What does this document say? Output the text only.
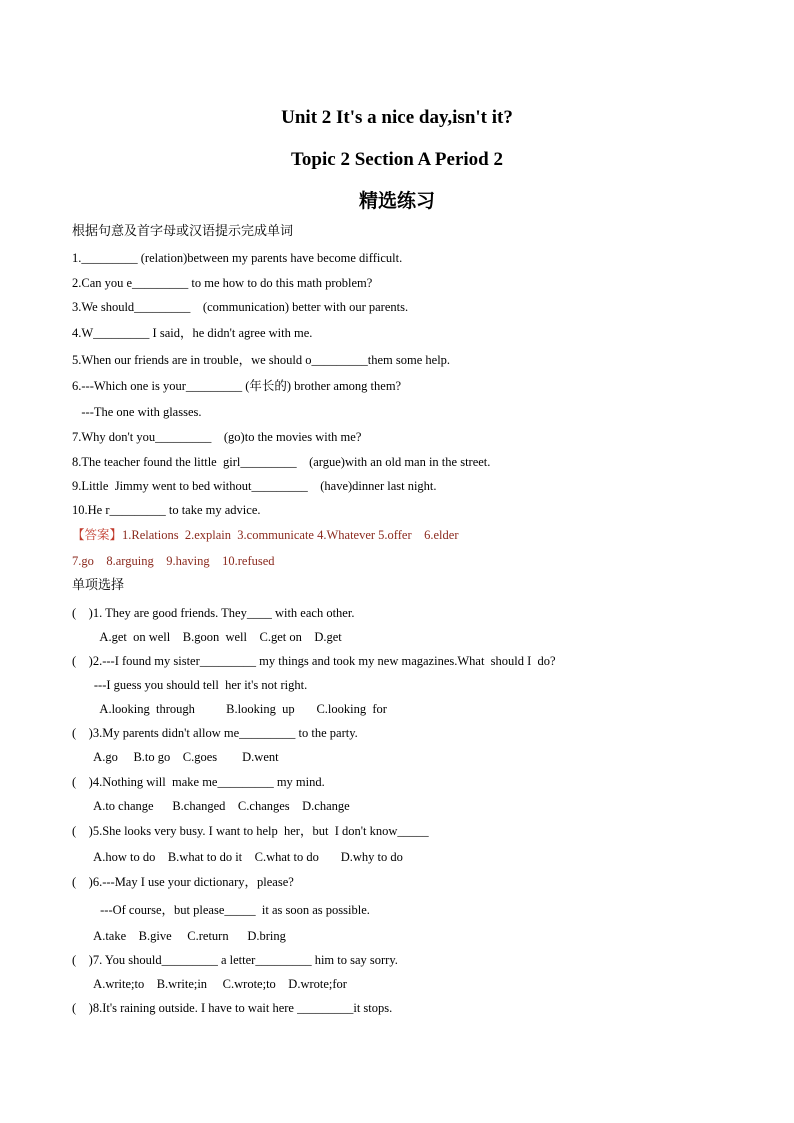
Unit 2 It's a nice day,isn't it?
Topic 2 Section A Period 2
精选练习
根据句意及首字母或汉语提示完成单词
1._________ (relation)between my parents have become difficult.
2.Can you e_________ to me how to do this math problem?
3.We should_________    (communication) better with our parents.
4.W_________ I said，he didn't agree with me.
5.When our friends are in trouble，we should o_________them some help.
6.---Which one is your_________ (年长的) brother among them?
---The one with glasses.
7.Why don't you_________    (go)to the movies with me?
8.The teacher found the little  girl_________    (argue)with an old man in the street.
9.Little  Jimmy went to bed without_________    (have)dinner last night.
10.He r_________ to take my advice.
【答案】1.Relations  2.explain  3.communicate 4.Whatever 5.offer    6.elder
7.go    8.arguing    9.having    10.refused
单项选择
(    )1. They are good friends. They____ with each other.
A.get  on well    B.goon  well    C.get on    D.get
(    )2.---I found my sister_________ my things and took my new magazines.What  should I  do?
---I guess you should tell  her it's not right.
A.looking  through          B.looking  up       C.looking  for
(    )3.My parents didn't allow me_________ to the party.
A.go     B.to go    C.goes        D.went
(    )4.Nothing will  make me_________ my mind.
A.to change      B.changed    C.changes    D.change
(    )5.She looks very busy. I want to help  her，but  I don't know_____
A.how to do    B.what to do it    C.what to do       D.why to do
(    )6.---May I use your dictionary，please?
---Of course，but please_____  it as soon as possible.
A.take    B.give     C.return      D.bring
(    )7. You should_________ a letter_________ him to say sorry.
A.write;to    B.write;in     C.wrote;to    D.wrote;for
(    )8.It's raining outside. I have to wait here _________it stops.
